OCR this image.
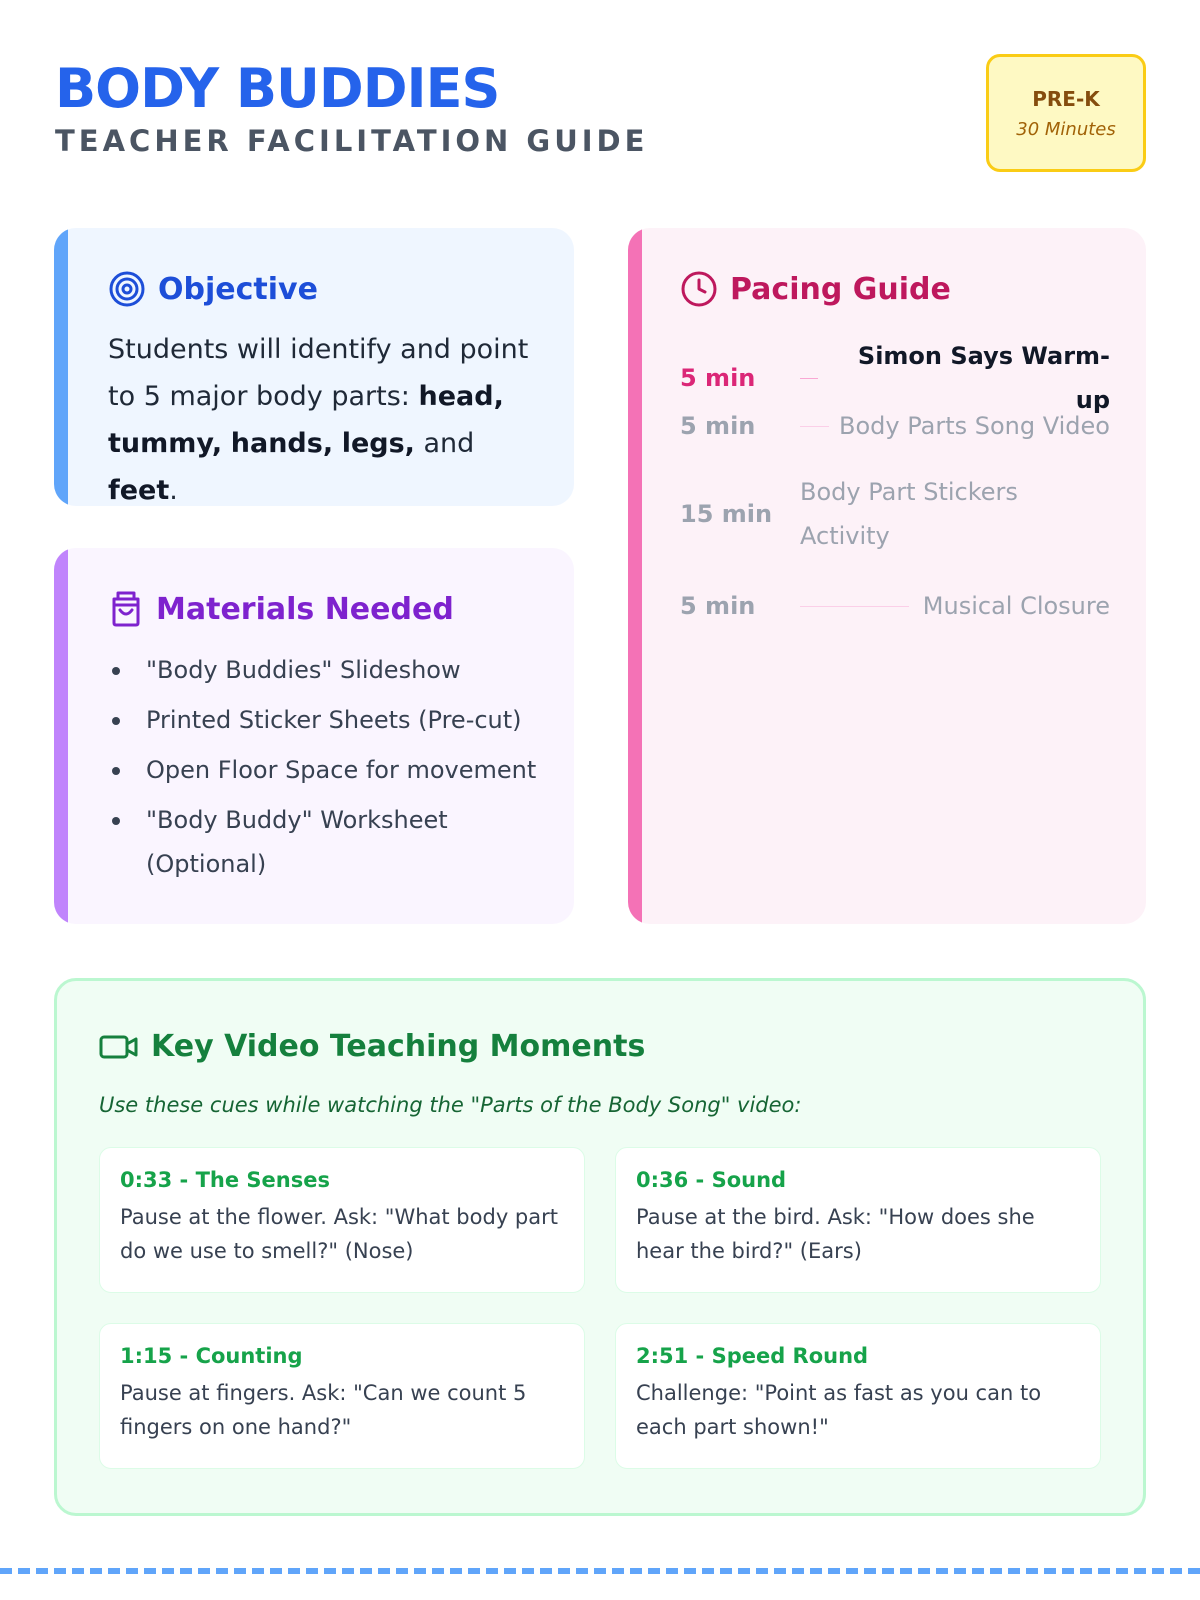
BODY BUDDIES
TEACHER FACILITATION GUIDE
PRE-K
30 Minutes
Objective

Students will identify and point to 5 major body parts: head, tummy, hands, legs, and feet.

Materials Needed
"Body Buddies" Slideshow
Printed Sticker Sheets (Pre-cut)
Open Floor Space for movement
"Body Buddy" Worksheet (Optional)
Pacing Guide
5 min
Simon Says Warm-up
5 min	Body Parts Song Video
15 min
Body Part Stickers Activity
5 min	Musical Closure
Key Video Teaching Moments
Use these cues while watching the "Parts of the Body Song" video:
0:33 - The Senses
Pause at the flower. Ask: "What body part do we use to smell?" (Nose)
0:36 - Sound
Pause at the bird. Ask: "How does she hear the bird?" (Ears)
1:15 - Counting
Pause at fingers. Ask: "Can we count 5 fingers on one hand?"
2:51 - Speed Round
Challenge: "Point as fast as you can to each part shown!"
